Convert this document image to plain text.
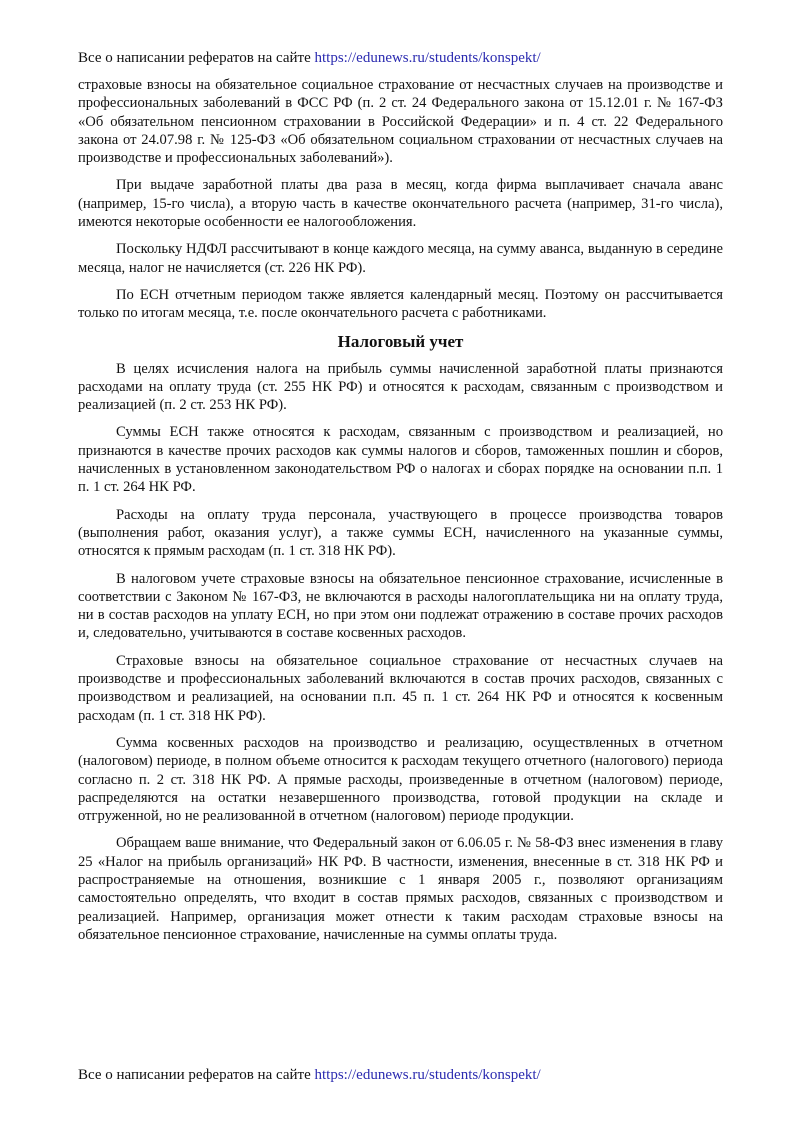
Все о написании рефератов на сайте https://edunews.ru/students/konspekt/

страховые взносы на обязательное социальное страхование от несчастных случаев на производстве и профессиональных заболеваний в ФСС РФ (п. 2 ст. 24 Федерального закона от 15.12.01 г. № 167-ФЗ «Об обязательном пенсионном страховании в Российской Федерации» и п. 4 ст. 22 Федерального закона от 24.07.98 г. № 125-ФЗ «Об обязательном социальном страховании от несчастных случаев на производстве и профессиональных заболеваний»).

При выдаче заработной платы два раза в месяц, когда фирма выплачивает сначала аванс (например, 15-го числа), а вторую часть в качестве окончательного расчета (например, 31-го числа), имеются некоторые особенности ее налогообложения.

Поскольку НДФЛ рассчитывают в конце каждого месяца, на сумму аванса, выданную в середине месяца, налог не начисляется (ст. 226 НК РФ).

По ЕСН отчетным периодом также является календарный месяц. Поэтому он рассчитывается только по итогам месяца, т.е. после окончательного расчета с работниками.

Налоговый учет

В целях исчисления налога на прибыль суммы начисленной заработной платы признаются расходами на оплату труда (ст. 255 НК РФ) и относятся к расходам, связанным с производством и реализацией (п. 2 ст. 253 НК РФ).

Суммы ЕСН также относятся к расходам, связанным с производством и реализацией, но признаются в качестве прочих расходов как суммы налогов и сборов, таможенных пошлин и сборов, начисленных в установленном законодательством РФ о налогах и сборах порядке на основании п.п. 1 п. 1 ст. 264 НК РФ.

Расходы на оплату труда персонала, участвующего в процессе производства товаров (выполнения работ, оказания услуг), а также суммы ЕСН, начисленного на указанные суммы, относятся к прямым расходам (п. 1 ст. 318 НК РФ).

В налоговом учете страховые взносы на обязательное пенсионное страхование, исчисленные в соответствии с Законом № 167-ФЗ, не включаются в расходы налогоплательщика ни на оплату труда, ни в состав расходов на уплату ЕСН, но при этом они подлежат отражению в составе прочих расходов и, следовательно, учитываются в составе косвенных расходов.

Страховые взносы на обязательное социальное страхование от несчастных случаев на производстве и профессиональных заболеваний включаются в состав прочих расходов, связанных с производством и реализацией, на основании п.п. 45 п. 1 ст. 264 НК РФ и относятся к косвенным расходам (п. 1 ст. 318 НК РФ).

Сумма косвенных расходов на производство и реализацию, осуществленных в отчетном (налоговом) периоде, в полном объеме относится к расходам текущего отчетного (налогового) периода согласно п. 2 ст. 318 НК РФ. А прямые расходы, произведенные в отчетном (налоговом) периоде, распределяются на остатки незавершенного производства, готовой продукции на складе и отгруженной, но не реализованной в отчетном (налоговом) периоде продукции.

Обращаем ваше внимание, что Федеральный закон от 6.06.05 г. № 58-ФЗ внес изменения в главу 25 «Налог на прибыль организаций» НК РФ. В частности, изменения, внесенные в ст. 318 НК РФ и распространяемые на отношения, возникшие с 1 января 2005 г., позволяют организациям самостоятельно определять, что входит в состав прямых расходов, связанных с производством и реализацией. Например, организация может отнести к таким расходам страховые взносы на обязательное пенсионное страхование, начисленные на суммы оплаты труда.

Все о написании рефератов на сайте https://edunews.ru/students/konspekt/
